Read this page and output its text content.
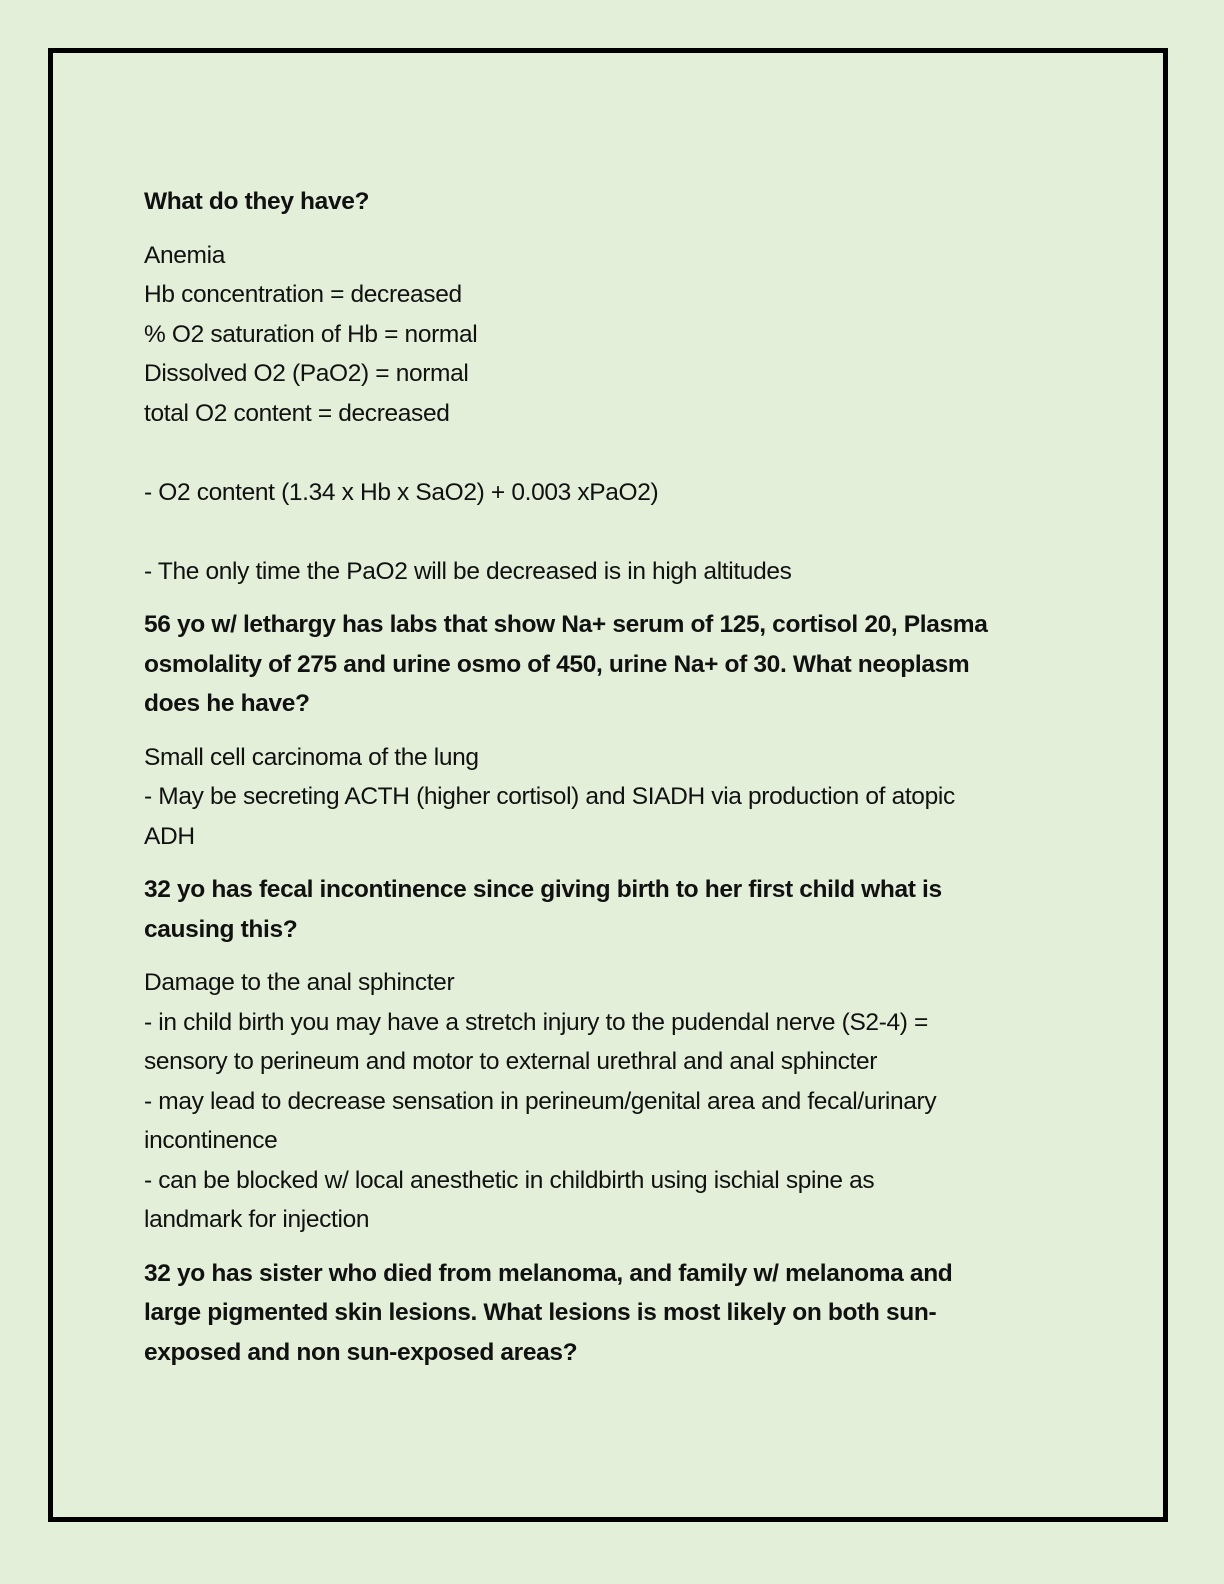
What do they have?
Anemia
Hb concentration = decreased
% O2 saturation of Hb = normal
Dissolved O2 (PaO2) = normal
total O2 content = decreased
- O2 content (1.34 x Hb x SaO2) + 0.003 xPaO2)
- The only time the PaO2 will be decreased is in high altitudes
56 yo w/ lethargy has labs that show Na+ serum of 125, cortisol 20, Plasma
osmolality of 275 and urine osmo of 450, urine Na+ of 30. What neoplasm
does he have?
Small cell carcinoma of the lung
- May be secreting ACTH (higher cortisol) and SIADH via production of atopic
ADH
32 yo has fecal incontinence since giving birth to her first child what is
causing this?
Damage to the anal sphincter
- in child birth you may have a stretch injury to the pudendal nerve (S2-4) =
sensory to perineum and motor to external urethral and anal sphincter
- may lead to decrease sensation in perineum/genital area and fecal/urinary
incontinence
- can be blocked w/ local anesthetic in childbirth using ischial spine as
landmark for injection
32 yo has sister who died from melanoma, and family w/ melanoma and
large pigmented skin lesions. What lesions is most likely on both sun-
exposed and non sun-exposed areas?
